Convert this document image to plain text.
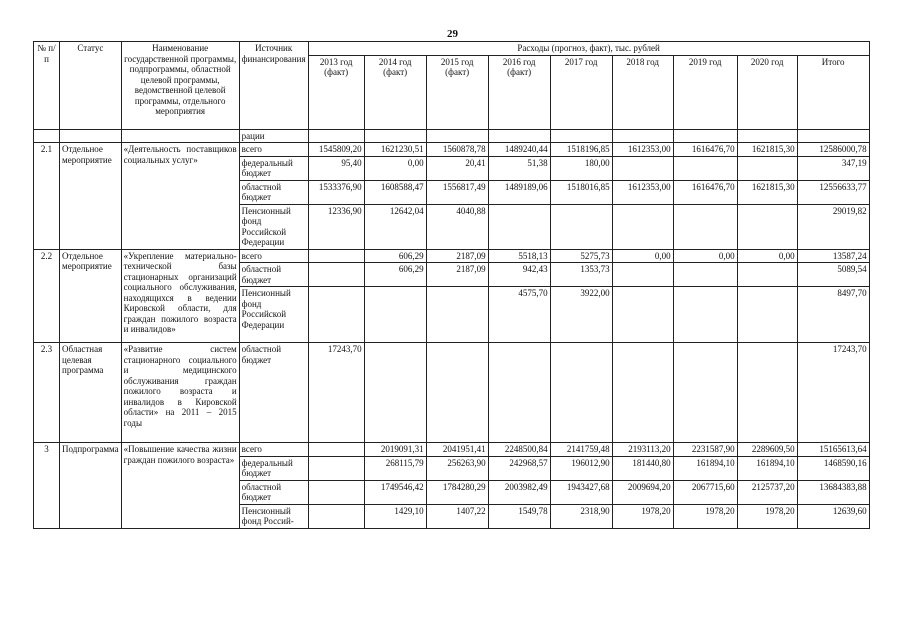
29
№ п/п	Статус	Наименование государственной программы, подпрограммы, областной целевой программы, ведомственной целевой программы, отдельного мероприятия	Источник финансирования	Расходы (прогноз, факт), тыс. рублей								
				2013 год (факт)	2014 год (факт)	2015 год (факт)	2016 год (факт)	2017 год	2018 год	2019 год	2020 год	Итого
			рации									
2.1	Отдельное мероприятие	«Деятельность поставщиков социальных услуг»	всего	1545809,20	1621230,51	1560878,78	1489240,44	1518196,85	1612353,00	1616476,70	1621815,30	12586000,78
			федеральный бюджет	95,40	0,00	20,41	51,38	180,00				347,19
			областной бюджет	1533376,90	1608588,47	1556817,49	1489189,06	1518016,85	1612353,00	1616476,70	1621815,30	12556633,77
			Пенсионный фонд Российской Федерации	12336,90	12642,04	4040,88						29019,82
2.2	Отдельное мероприятие	«Укрепление материально-технической базы стационарных организаций социального обслуживания, находящихся в ведении Кировской области, для граждан пожилого возраста и инвалидов»	всего		606,29	2187,09	5518,13	5275,73	0,00	0,00	0,00	13587,24
			областной бюджет		606,29	2187,09	942,43	1353,73				5089,54
			Пенсионный фонд Российской Федерации				4575,70	3922,00				8497,70
2.3	Областная целевая программа	«Развитие систем стационарного социального и медицинского обслуживания граждан пожилого возраста и инвалидов в Кировской области» на 2011 – 2015 годы	областной бюджет	17243,70								17243,70
3	Подпрограмма	«Повышение качества жизни граждан пожилого возраста»	всего		2019091,31	2041951,41	2248500,84	2141759,48	2193113,20	2231587,90	2289609,50	15165613,64
			федеральный бюджет		268115,79	256263,90	242968,57	196012,90	181440,80	161894,10	161894,10	1468590,16
			областной бюджет		1749546,42	1784280,29	2003982,49	1943427,68	2009694,20	2067715,60	2125737,20	13684383,88
			Пенсионный фонд Россий-		1429,10	1407,22	1549,78	2318,90	1978,20	1978,20	1978,20	12639,60
